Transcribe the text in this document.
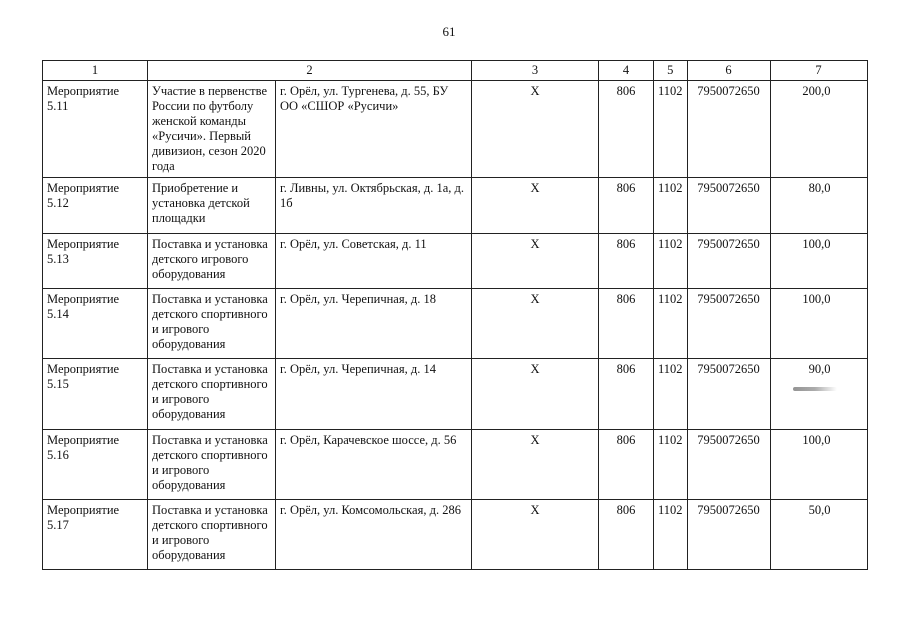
61
1	2		3	4	5	6	7
Мероприятие 5.11	Участие в первенстве России по футболу женской команды «Русичи». Первый дивизион, сезон 2020 года	г. Орёл, ул. Тургенева, д. 55, БУ ОО «СШОР «Русичи»	Х	806	1102	7950072650	200,0
Мероприятие 5.12	Приобретение и установка детской площадки	г. Ливны, ул. Октябрьская, д. 1а, д. 1б	Х	806	1102	7950072650	80,0
Мероприятие 5.13	Поставка и установка детского игрового оборудования	г. Орёл, ул. Советская, д. 11	Х	806	1102	7950072650	100,0
Мероприятие 5.14	Поставка и установка детского спортивного и игрового оборудования	г. Орёл, ул. Черепичная, д. 18	Х	806	1102	7950072650	100,0
Мероприятие 5.15	Поставка и установка детского спортивного и игрового оборудования	г. Орёл, ул. Черепичная, д. 14	Х	806	1102	7950072650	90,0

Мероприятие 5.16	Поставка и установка детского спортивного и игрового оборудования	г. Орёл, Карачевское шоссе, д. 56	Х	806	1102	7950072650	100,0
Мероприятие 5.17	Поставка и установка детского спортивного и игрового оборудования	г. Орёл, ул. Комсомольская, д. 286	Х	806	1102	7950072650	50,0
